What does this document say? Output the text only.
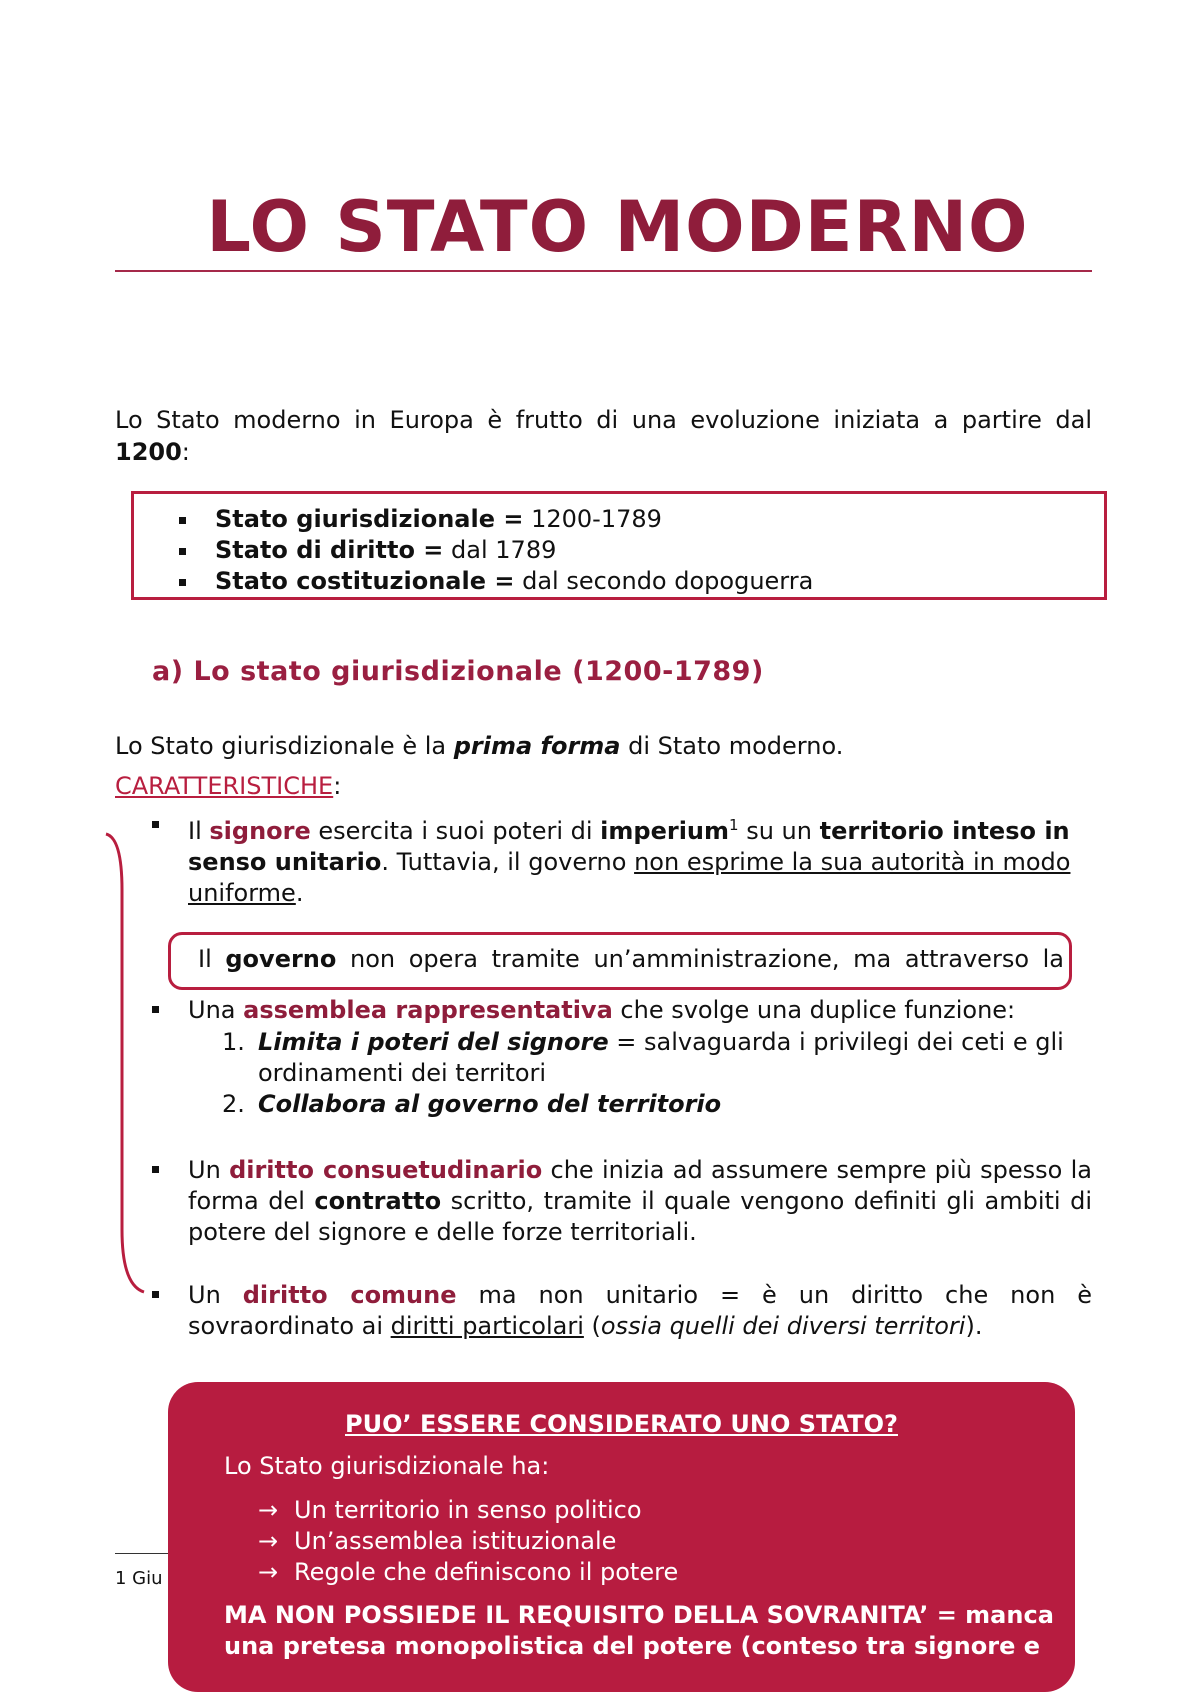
LO STATO MODERNO
Lo Stato moderno in Europa è frutto di una evoluzione iniziata a partire dal 1200:
Stato giurisdizionale = 1200-1789
Stato di diritto = dal 1789
Stato costituzionale = dal secondo dopoguerra
a) Lo stato giurisdizionale (1200-1789)
Lo Stato giurisdizionale è la prima forma di Stato moderno.
CARATTERISTICHE:
Il signore esercita i suoi poteri di imperium$^1$ su un territorio inteso in senso unitario. Tuttavia, il governo non esprime la sua autorità in modo uniforme.
Il governo non opera tramite un’amministrazione, ma attraverso la
Una assemblea rappresentativa che svolge una duplice funzione:
1. Limita i poteri del signore = salvaguarda i privilegi dei ceti e gli ordinamenti dei territori
2. Collabora al governo del territorio
Un diritto consuetudinario che inizia ad assumere sempre più spesso la forma del contratto scritto, tramite il quale vengono definiti gli ambiti di potere del signore e delle forze territoriali.
Un diritto comune ma non unitario = è un diritto che non è sovraordinato ai diritti particolari (ossia quelli dei diversi territori).
1 Giu
PUO’ ESSERE CONSIDERATO UNO STATO?
Lo Stato giurisdizionale ha:
→ Un territorio in senso politico
→ Un’assemblea istituzionale
→ Regole che definiscono il potere
MA NON POSSIEDE IL REQUISITO DELLA SOVRANITA’ = manca
una pretesa monopolistica del potere (conteso tra signore e
